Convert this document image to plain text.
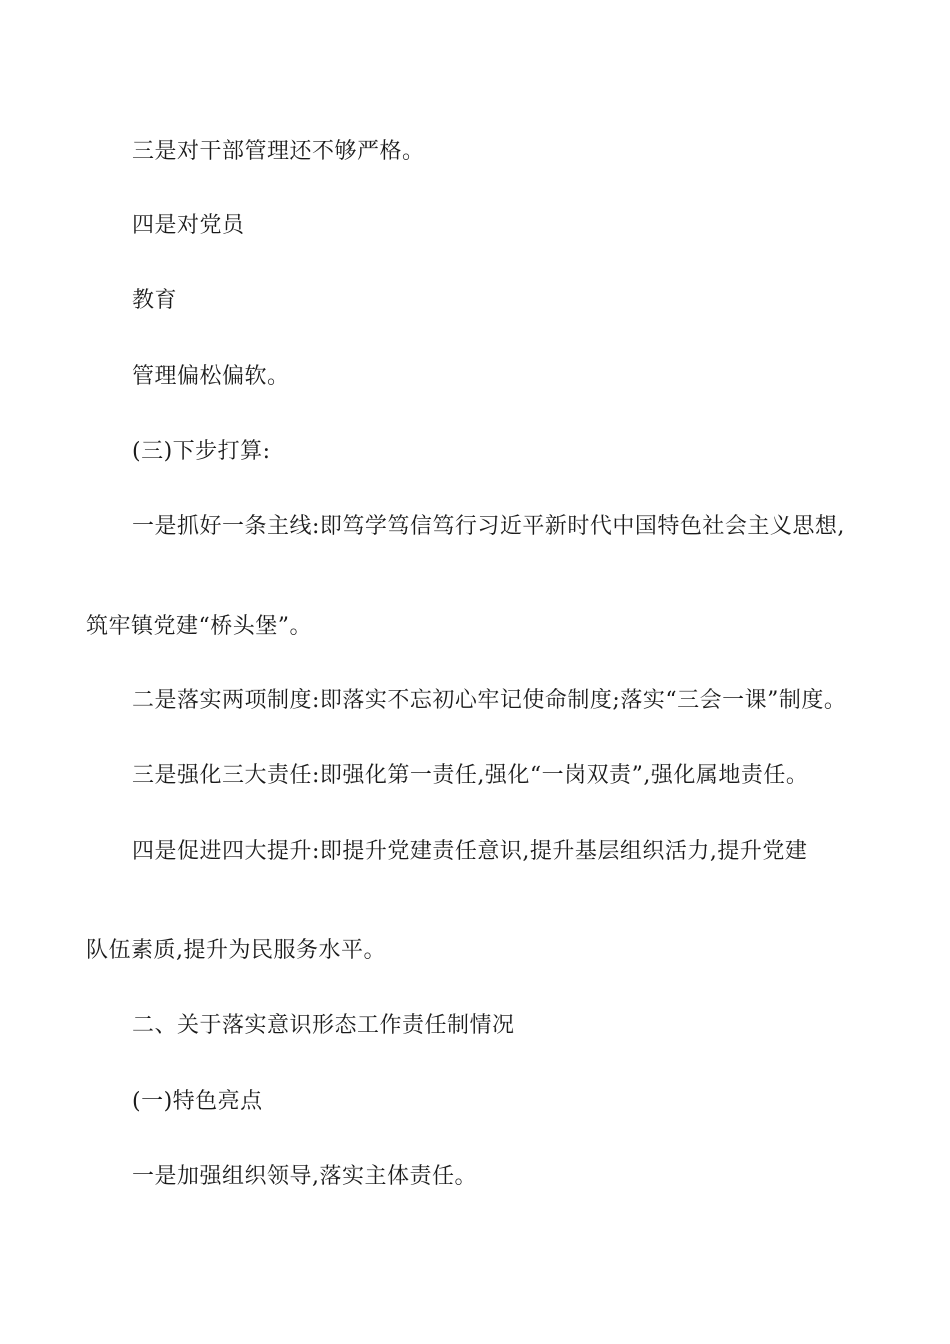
三是对干部管理还不够严格。
四是对党员
教育
管理偏松偏软。
(三)下步打算:
一是抓好一条主线:即笃学笃信笃行习近平新时代中国特色社会主义思想,
筑牢镇党建“桥头堡”。
二是落实两项制度:即落实不忘初心牢记使命制度;落实“三会一课”制度。
三是强化三大责任:即强化第一责任,强化“一岗双责”,强化属地责任。
四是促进四大提升:即提升党建责任意识,提升基层组织活力,提升党建
队伍素质,提升为民服务水平。
二、关于落实意识形态工作责任制情况
(一)特色亮点
一是加强组织领导,落实主体责任。
